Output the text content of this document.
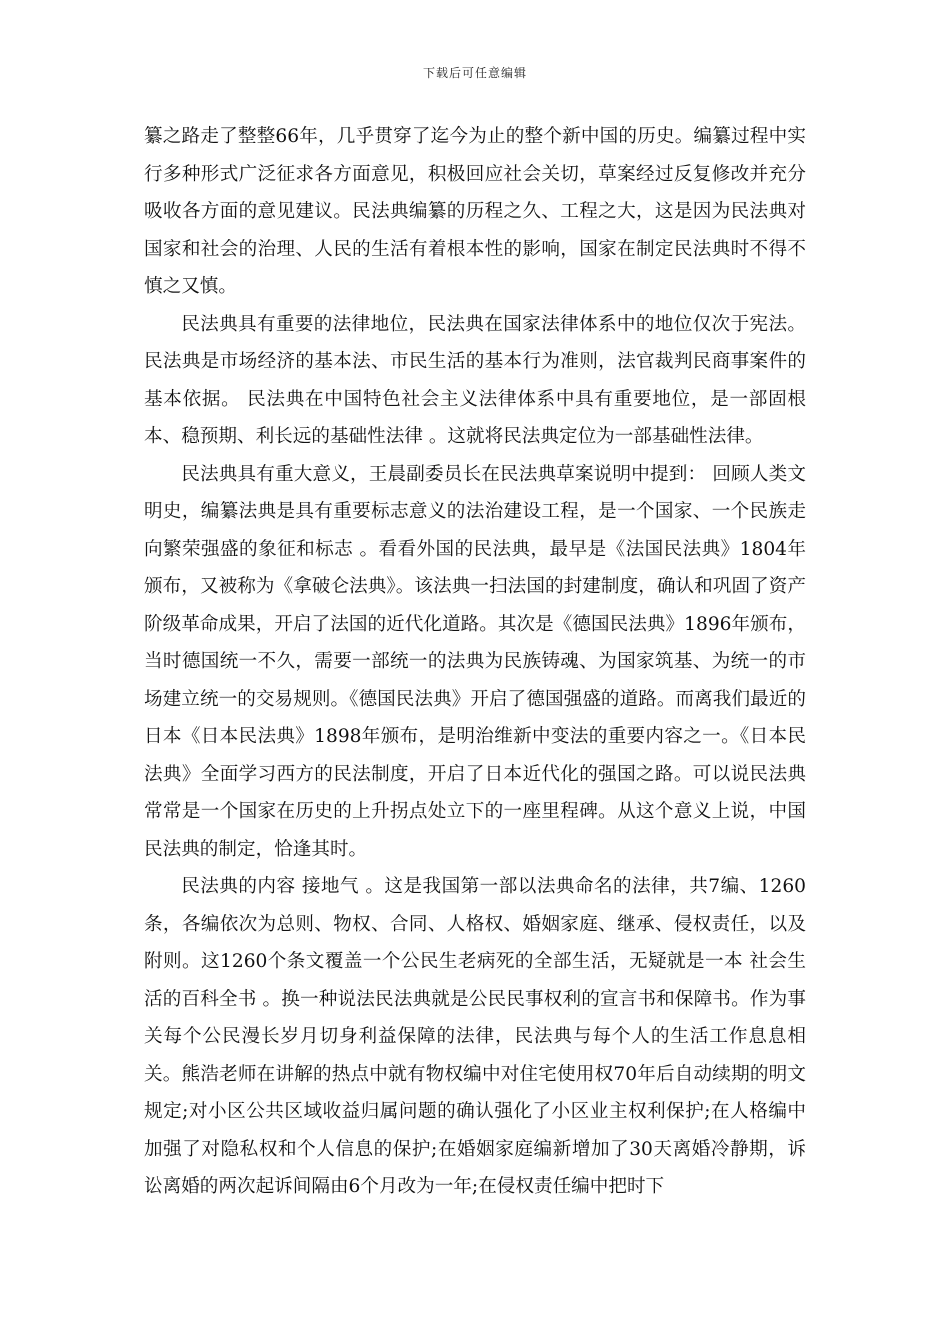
下载后可任意编辑

纂之路走了整整66年，几乎贯穿了迄今为止的整个新中国的历史。编纂过程中实行多种形式广泛征求各方面意见，积极回应社会关切，草案经过反复修改并充分吸收各方面的意见建议。民法典编纂的历程之久、工程之大，这是因为民法典对国家和社会的治理、人民的生活有着根本性的影响，国家在制定民法典时不得不慎之又慎。

民法典具有重要的法律地位，民法典在国家法律体系中的地位仅次于宪法。民法典是市场经济的基本法、市民生活的基本行为准则，法官裁判民商事案件的基本依据。 民法典在中国特色社会主义法律体系中具有重要地位，是一部固根本、稳预期、利长远的基础性法律 。这就将民法典定位为一部基础性法律。

民法典具有重大意义，王晨副委员长在民法典草案说明中提到： 回顾人类文明史，编纂法典是具有重要标志意义的法治建设工程，是一个国家、一个民族走向繁荣强盛的象征和标志 。看看外国的民法典，最早是《法国民法典》1804年颁布，又被称为《拿破仑法典》。该法典一扫法国的封建制度，确认和巩固了资产阶级革命成果，开启了法国的近代化道路。其次是《德国民法典》1896年颁布，当时德国统一不久，需要一部统一的法典为民族铸魂、为国家筑基、为统一的市场建立统一的交易规则。《德国民法典》开启了德国强盛的道路。而离我们最近的日本《日本民法典》1898年颁布，是明治维新中变法的重要内容之一。《日本民法典》全面学习西方的民法制度，开启了日本近代化的强国之路。可以说民法典常常是一个国家在历史的上升拐点处立下的一座里程碑。从这个意义上说，中国民法典的制定，恰逢其时。

民法典的内容 接地气 。这是我国第一部以法典命名的法律，共7编、1260条，各编依次为总则、物权、合同、人格权、婚姻家庭、继承、侵权责任，以及附则。这1260个条文覆盖一个公民生老病死的全部生活，无疑就是一本 社会生活的百科全书 。换一种说法民法典就是公民民事权利的宣言书和保障书。作为事关每个公民漫长岁月切身利益保障的法律，民法典与每个人的生活工作息息相关。熊浩老师在讲解的热点中就有物权编中对住宅使用权70年后自动续期的明文规定;对小区公共区域收益归属问题的确认强化了小区业主权利保护;在人格编中加强了对隐私权和个人信息的保护;在婚姻家庭编新增加了30天离婚冷静期，诉讼离婚的两次起诉间隔由6个月改为一年;在侵权责任编中把时下
